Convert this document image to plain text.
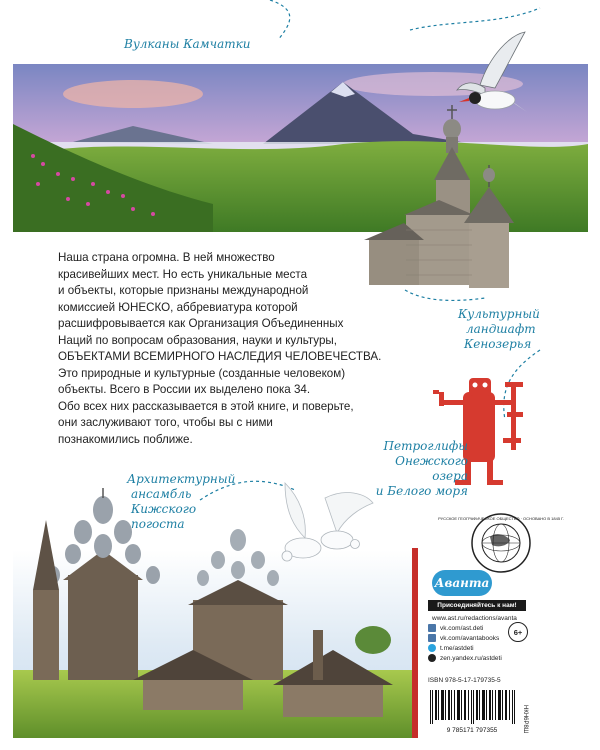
Вулканы Камчатки
Культурный
ландшафт
Кенозерья

Наша страна огромна. В ней множество

красивейших мест. Но есть уникальные места

и объекты, которые признаны международной

комиссией ЮНЕСКО, аббревиатура которой

расшифровывается как Организация Объединенных

Наций по вопросам образования, науки и культуры,

ОБЪЕКТАМИ ВСЕМИРНОГО НАСЛЕДИЯ ЧЕЛОВЕЧЕСТВА.

Это природные и культурные (созданные человеком)

объекты. Всего в России их выделено пока 34.

Обо всех них рассказывается в этой книге, и поверьте,

они заслуживают того, чтобы вы с ними

познакомились поближе.	Петроглифы
Онежского озера
и Белого моря
Архитектурный
ансамбль
Кижского
погоста	РУССКОЕ ГЕОГРАФИЧЕСКОЕ ОБЩЕСТВО · ОСНОВАНО В 1845 Г.
Аванта
Присоединяйтесь к нам!
www.ast.ru/redactions/avanta
vk.com/ast.deti
vk.com/avantabooks
t.me/astdeti
zen.yandex.ru/astdeti
6+
ISBN 978-5-17-179735-5
9 785171 797355	НКН6Р8Ш
